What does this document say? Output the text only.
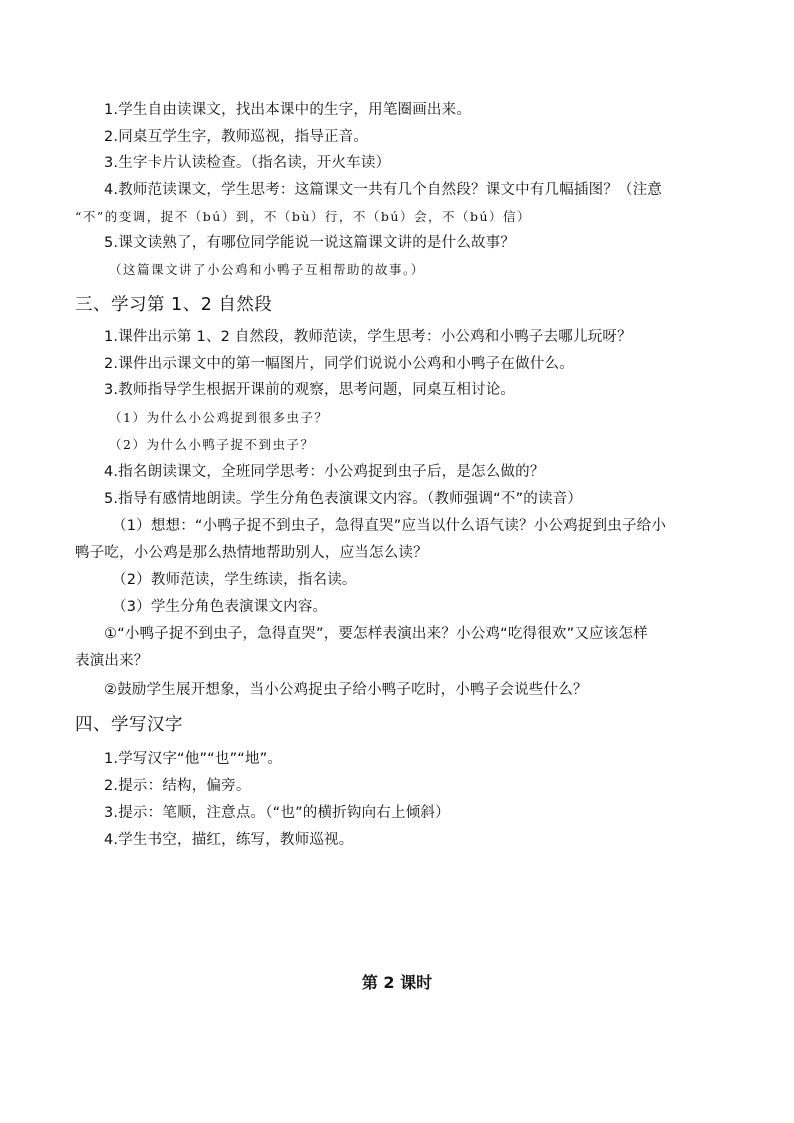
1.学生自由读课文，找出本课中的生字，用笔圈画出来。
2.同桌互学生字，教师巡视，指导正音。
3.生字卡片认读检查。（指名读，开火车读）
4.教师范读课文，学生思考：这篇课文一共有几个自然段？课文中有几幅插图？（注意
“不”的变调，捉不（bú）到，不（bù）行，不（bú）会，不（bú）信）
5.课文读熟了，有哪位同学能说一说这篇课文讲的是什么故事？
（这篇课文讲了小公鸡和小鸭子互相帮助的故事。）
三、学习第 1、2 自然段
1.课件出示第 1、2 自然段，教师范读，学生思考：小公鸡和小鸭子去哪儿玩呀？
2.课件出示课文中的第一幅图片，同学们说说小公鸡和小鸭子在做什么。
3.教师指导学生根据开课前的观察，思考问题，同桌互相讨论。
（1）为什么小公鸡捉到很多虫子？
（2）为什么小鸭子捉不到虫子？
4.指名朗读课文，全班同学思考：小公鸡捉到虫子后，是怎么做的？
5.指导有感情地朗读。学生分角色表演课文内容。（教师强调“不”的读音）
（1）想想：“小鸭子捉不到虫子，急得直哭”应当以什么语气读？小公鸡捉到虫子给小
鸭子吃，小公鸡是那么热情地帮助别人，应当怎么读？
（2）教师范读，学生练读，指名读。
（3）学生分角色表演课文内容。
①“小鸭子捉不到虫子，急得直哭”，要怎样表演出来？小公鸡“吃得很欢”又应该怎样
表演出来？
②鼓励学生展开想象，当小公鸡捉虫子给小鸭子吃时，小鸭子会说些什么？
四、学写汉字
1.学写汉字“他”“也”“地”。
2.提示：结构，偏旁。
3.提示：笔顺，注意点。（“也”的横折钩向右上倾斜）
4.学生书空，描红，练写，教师巡视。
第 2 课时
